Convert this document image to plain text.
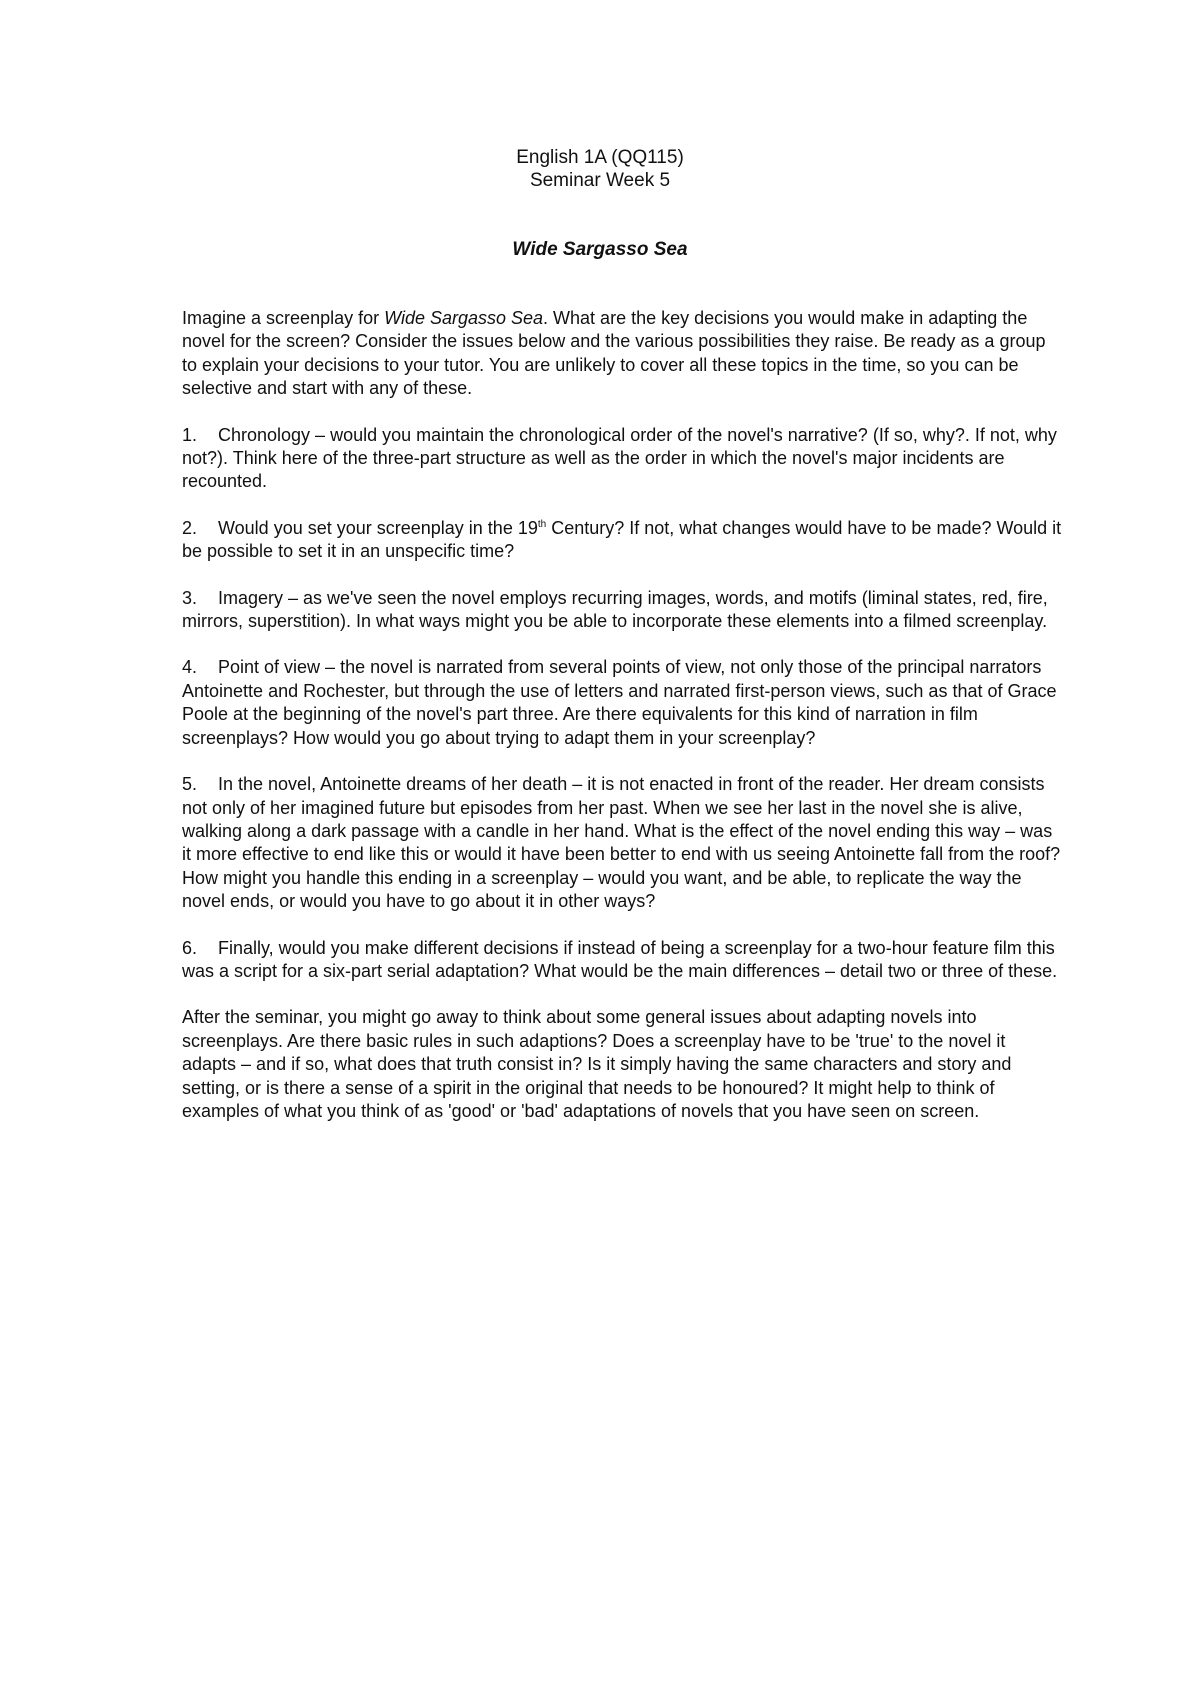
English 1A (QQ115)
Seminar Week 5
Wide Sargasso Sea

Imagine a screenplay for Wide Sargasso Sea. What are the key decisions you would make in adapting the novel for the screen? Consider the issues below and the various possibilities they raise. Be ready as a group to explain your decisions to your tutor. You are unlikely to cover all these topics in the time, so you can be selective and start with any of these.

1. Chronology – would you maintain the chronological order of the novel's narrative? (If so, why?. If not, why not?). Think here of the three-part structure as well as the order in which the novel's major incidents are recounted.

2. Would you set your screenplay in the 19th Century? If not, what changes would have to be made? Would it be possible to set it in an unspecific time?

3. Imagery – as we've seen the novel employs recurring images, words, and motifs (liminal states, red, fire, mirrors, superstition). In what ways might you be able to incorporate these elements into a filmed screenplay.

4. Point of view – the novel is narrated from several points of view, not only those of the principal narrators Antoinette and Rochester, but through the use of letters and narrated first-person views, such as that of Grace Poole at the beginning of the novel's part three. Are there equivalents for this kind of narration in film screenplays? How would you go about trying to adapt them in your screenplay?

5. In the novel, Antoinette dreams of her death – it is not enacted in front of the reader. Her dream consists not only of her imagined future but episodes from her past. When we see her last in the novel she is alive, walking along a dark passage with a candle in her hand. What is the effect of the novel ending this way – was it more effective to end like this or would it have been better to end with us seeing Antoinette fall from the roof? How might you handle this ending in a screenplay – would you want, and be able, to replicate the way the novel ends, or would you have to go about it in other ways?

6. Finally, would you make different decisions if instead of being a screenplay for a two-hour feature film this was a script for a six-part serial adaptation? What would be the main differences – detail two or three of these.

After the seminar, you might go away to think about some general issues about adapting novels into screenplays. Are there basic rules in such adaptions? Does a screenplay have to be 'true' to the novel it adapts – and if so, what does that truth consist in? Is it simply having the same characters and story and setting, or is there a sense of a spirit in the original that needs to be honoured? It might help to think of examples of what you think of as 'good' or 'bad' adaptations of novels that you have seen on screen.
